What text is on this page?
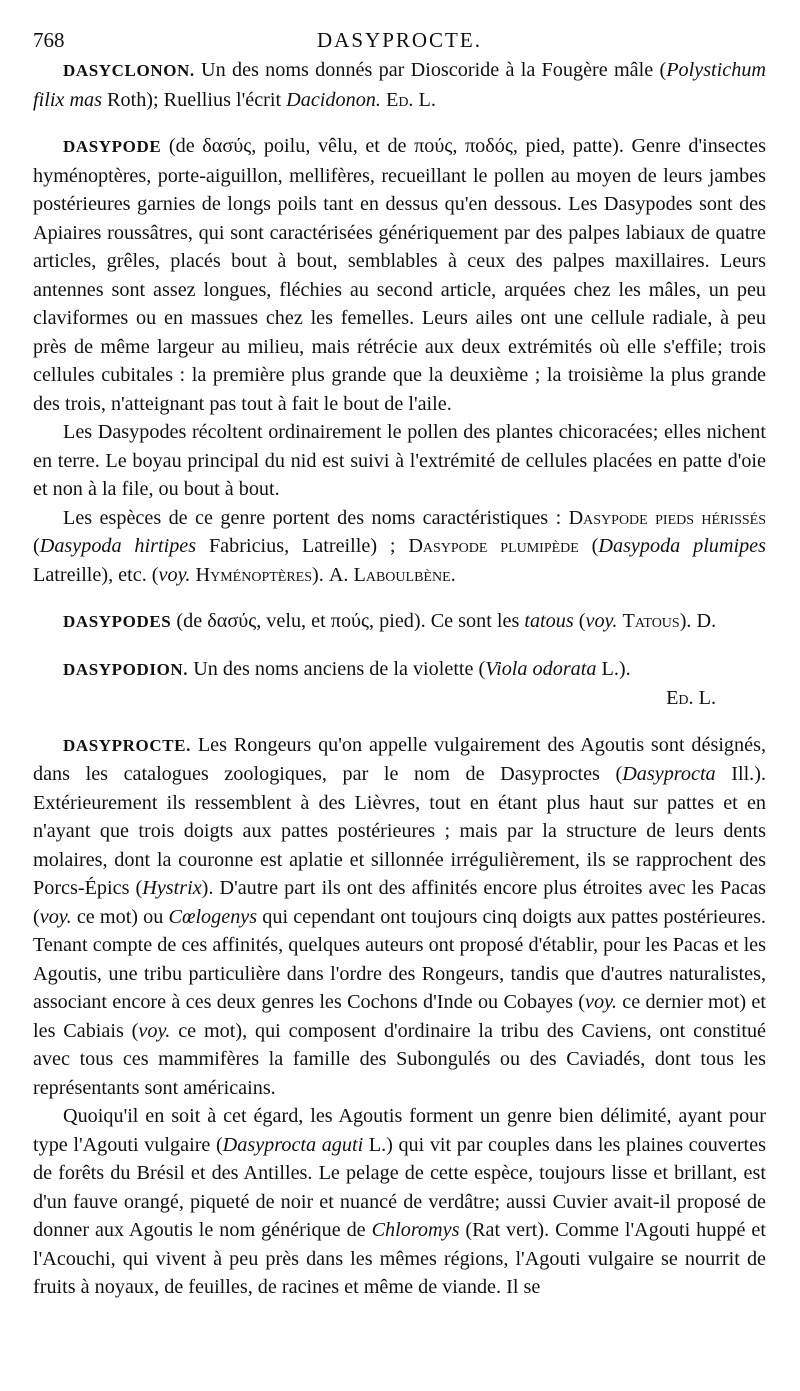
768	DASYPROCTE.

DASYCLONON. Un des noms donnés par Dioscoride à la Fougère mâle (Polystichum filix mas Roth); Ruellius l'écrit Dacidonon. Ed. L.

DASYPODE (de δασύς, poilu, vêlu, et de πούς, ποδός, pied, patte). Genre d'insectes hyménoptères, porte-aiguillon, mellifères, recueillant le pollen au moyen de leurs jambes postérieures garnies de longs poils tant en dessus qu'en dessous. Les Dasypodes sont des Apiaires roussâtres, qui sont caractérisées génériquement par des palpes labiaux de quatre articles, grêles, placés bout à bout, semblables à ceux des palpes maxillaires. Leurs antennes sont assez longues, fléchies au second article, arquées chez les mâles, un peu claviformes ou en massues chez les femelles. Leurs ailes ont une cellule radiale, à peu près de même largeur au milieu, mais rétrécie aux deux extrémités où elle s'effile; trois cellules cubitales : la première plus grande que la deuxième ; la troisième la plus grande des trois, n'atteignant pas tout à fait le bout de l'aile.

Les Dasypodes récoltent ordinairement le pollen des plantes chicoracées; elles nichent en terre. Le boyau principal du nid est suivi à l'extrémité de cellules placées en patte d'oie et non à la file, ou bout à bout.

Les espèces de ce genre portent des noms caractéristiques : Dasypode pieds hérissés (Dasypoda hirtipes Fabricius, Latreille) ; Dasypode plumipède (Dasypoda plumipes Latreille), etc. (voy. Hyménoptères). A. Laboulbène.

DASYPODES (de δασύς, velu, et πούς, pied). Ce sont les tatous (voy. Tatous). D.

DASYPODION. Un des noms anciens de la violette (Viola odorata L.).

Ed. L.

DASYPROCTE. Les Rongeurs qu'on appelle vulgairement des Agoutis sont désignés, dans les catalogues zoologiques, par le nom de Dasyproctes (Dasyprocta Ill.). Extérieurement ils ressemblent à des Lièvres, tout en étant plus haut sur pattes et en n'ayant que trois doigts aux pattes postérieures ; mais par la structure de leurs dents molaires, dont la couronne est aplatie et sillonnée irrégulièrement, ils se rapprochent des Porcs-Épics (Hystrix). D'autre part ils ont des affinités encore plus étroites avec les Pacas (voy. ce mot) ou Cœlogenys qui cependant ont toujours cinq doigts aux pattes postérieures. Tenant compte de ces affinités, quelques auteurs ont proposé d'établir, pour les Pacas et les Agoutis, une tribu particulière dans l'ordre des Rongeurs, tandis que d'autres naturalistes, associant encore à ces deux genres les Cochons d'Inde ou Cobayes (voy. ce dernier mot) et les Cabiais (voy. ce mot), qui composent d'ordinaire la tribu des Caviens, ont constitué avec tous ces mammifères la famille des Subongulés ou des Caviadés, dont tous les représentants sont américains.

Quoiqu'il en soit à cet égard, les Agoutis forment un genre bien délimité, ayant pour type l'Agouti vulgaire (Dasyprocta aguti L.) qui vit par couples dans les plaines couvertes de forêts du Brésil et des Antilles. Le pelage de cette espèce, toujours lisse et brillant, est d'un fauve orangé, piqueté de noir et nuancé de verdâtre; aussi Cuvier avait-il proposé de donner aux Agoutis le nom générique de Chloromys (Rat vert). Comme l'Agouti huppé et l'Acouchi, qui vivent à peu près dans les mêmes régions, l'Agouti vulgaire se nourrit de fruits à noyaux, de feuilles, de racines et même de viande. Il se
